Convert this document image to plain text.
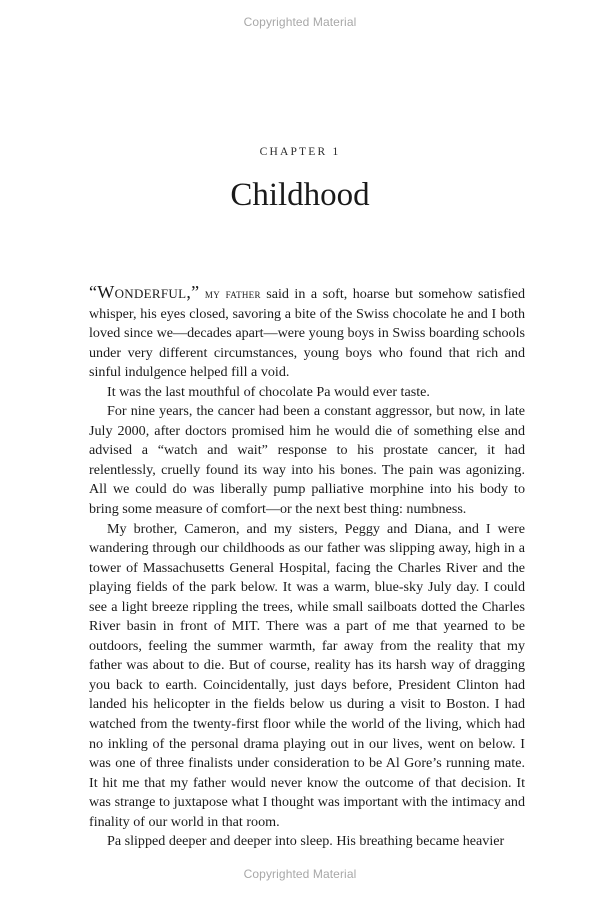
Copyrighted Material
CHAPTER 1
Childhood

“Wonderful,” my father said in a soft, hoarse but somehow satisfied whisper, his eyes closed, savoring a bite of the Swiss chocolate he and I both loved since we—decades apart—were young boys in Swiss boarding schools under very different circumstances, young boys who found that rich and sinful indulgence helped fill a void.

It was the last mouthful of chocolate Pa would ever taste.

For nine years, the cancer had been a constant aggressor, but now, in late July 2000, after doctors promised him he would die of something else and advised a “watch and wait” response to his prostate cancer, it had relentlessly, cruelly found its way into his bones. The pain was agonizing. All we could do was liberally pump palliative morphine into his body to bring some measure of comfort—or the next best thing: numbness.

My brother, Cameron, and my sisters, Peggy and Diana, and I were wandering through our childhoods as our father was slipping away, high in a tower of Massachusetts General Hospital, facing the Charles River and the playing fields of the park below. It was a warm, blue-sky July day. I could see a light breeze rippling the trees, while small sailboats dotted the Charles River basin in front of MIT. There was a part of me that yearned to be outdoors, feeling the summer warmth, far away from the reality that my father was about to die. But of course, reality has its harsh way of dragging you back to earth. Coincidentally, just days before, President Clinton had landed his helicopter in the fields below us during a visit to Boston. I had watched from the twenty-first floor while the world of the living, which had no inkling of the personal drama playing out in our lives, went on below. I was one of three finalists under consideration to be Al Gore’s running mate. It hit me that my father would never know the outcome of that decision. It was strange to juxtapose what I thought was important with the intimacy and finality of our world in that room.

Pa slipped deeper and deeper into sleep. His breathing became heavier

Copyrighted Material
